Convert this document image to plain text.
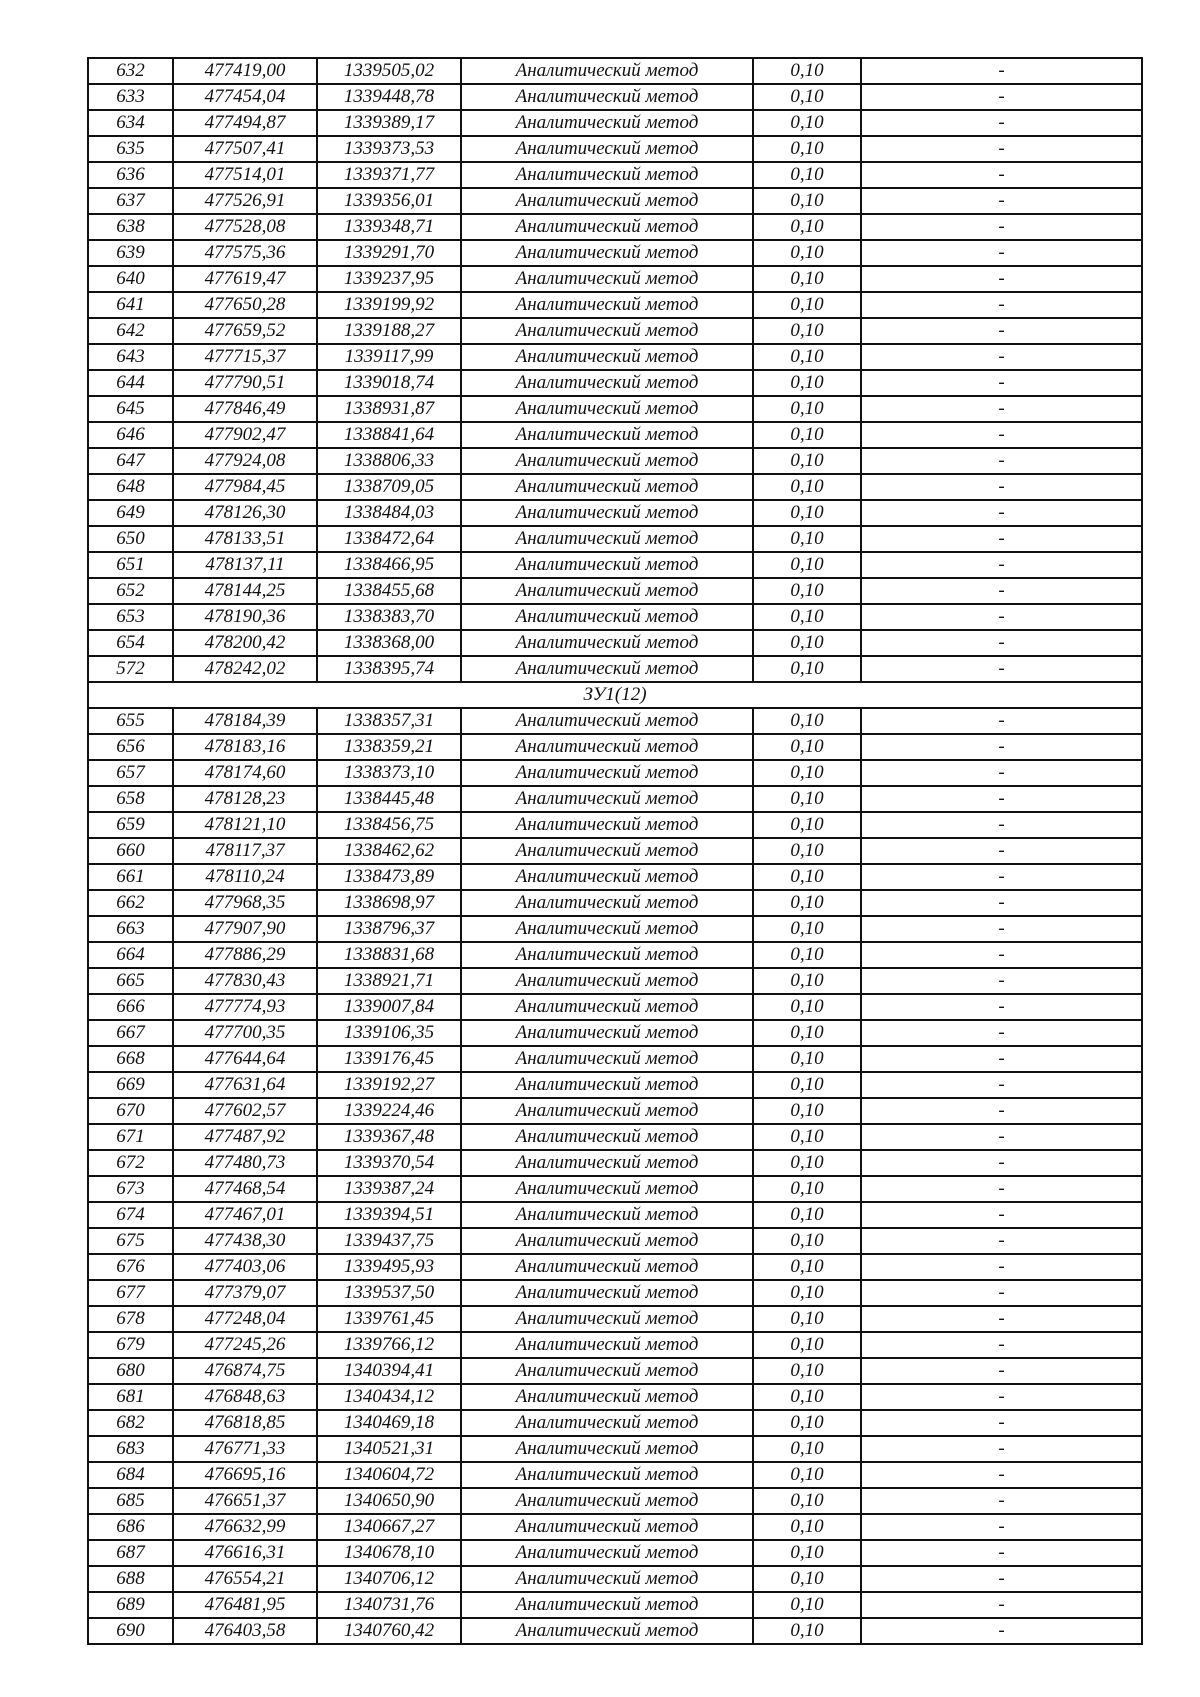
632	477419,00	1339505,02	Аналитический метод	0,10	-
633	477454,04	1339448,78	Аналитический метод	0,10	-
634	477494,87	1339389,17	Аналитический метод	0,10	-
635	477507,41	1339373,53	Аналитический метод	0,10	-
636	477514,01	1339371,77	Аналитический метод	0,10	-
637	477526,91	1339356,01	Аналитический метод	0,10	-
638	477528,08	1339348,71	Аналитический метод	0,10	-
639	477575,36	1339291,70	Аналитический метод	0,10	-
640	477619,47	1339237,95	Аналитический метод	0,10	-
641	477650,28	1339199,92	Аналитический метод	0,10	-
642	477659,52	1339188,27	Аналитический метод	0,10	-
643	477715,37	1339117,99	Аналитический метод	0,10	-
644	477790,51	1339018,74	Аналитический метод	0,10	-
645	477846,49	1338931,87	Аналитический метод	0,10	-
646	477902,47	1338841,64	Аналитический метод	0,10	-
647	477924,08	1338806,33	Аналитический метод	0,10	-
648	477984,45	1338709,05	Аналитический метод	0,10	-
649	478126,30	1338484,03	Аналитический метод	0,10	-
650	478133,51	1338472,64	Аналитический метод	0,10	-
651	478137,11	1338466,95	Аналитический метод	0,10	-
652	478144,25	1338455,68	Аналитический метод	0,10	-
653	478190,36	1338383,70	Аналитический метод	0,10	-
654	478200,42	1338368,00	Аналитический метод	0,10	-
572	478242,02	1338395,74	Аналитический метод	0,10	-
ЗУ1(12)					
655	478184,39	1338357,31	Аналитический метод	0,10	-
656	478183,16	1338359,21	Аналитический метод	0,10	-
657	478174,60	1338373,10	Аналитический метод	0,10	-
658	478128,23	1338445,48	Аналитический метод	0,10	-
659	478121,10	1338456,75	Аналитический метод	0,10	-
660	478117,37	1338462,62	Аналитический метод	0,10	-
661	478110,24	1338473,89	Аналитический метод	0,10	-
662	477968,35	1338698,97	Аналитический метод	0,10	-
663	477907,90	1338796,37	Аналитический метод	0,10	-
664	477886,29	1338831,68	Аналитический метод	0,10	-
665	477830,43	1338921,71	Аналитический метод	0,10	-
666	477774,93	1339007,84	Аналитический метод	0,10	-
667	477700,35	1339106,35	Аналитический метод	0,10	-
668	477644,64	1339176,45	Аналитический метод	0,10	-
669	477631,64	1339192,27	Аналитический метод	0,10	-
670	477602,57	1339224,46	Аналитический метод	0,10	-
671	477487,92	1339367,48	Аналитический метод	0,10	-
672	477480,73	1339370,54	Аналитический метод	0,10	-
673	477468,54	1339387,24	Аналитический метод	0,10	-
674	477467,01	1339394,51	Аналитический метод	0,10	-
675	477438,30	1339437,75	Аналитический метод	0,10	-
676	477403,06	1339495,93	Аналитический метод	0,10	-
677	477379,07	1339537,50	Аналитический метод	0,10	-
678	477248,04	1339761,45	Аналитический метод	0,10	-
679	477245,26	1339766,12	Аналитический метод	0,10	-
680	476874,75	1340394,41	Аналитический метод	0,10	-
681	476848,63	1340434,12	Аналитический метод	0,10	-
682	476818,85	1340469,18	Аналитический метод	0,10	-
683	476771,33	1340521,31	Аналитический метод	0,10	-
684	476695,16	1340604,72	Аналитический метод	0,10	-
685	476651,37	1340650,90	Аналитический метод	0,10	-
686	476632,99	1340667,27	Аналитический метод	0,10	-
687	476616,31	1340678,10	Аналитический метод	0,10	-
688	476554,21	1340706,12	Аналитический метод	0,10	-
689	476481,95	1340731,76	Аналитический метод	0,10	-
690	476403,58	1340760,42	Аналитический метод	0,10	-
